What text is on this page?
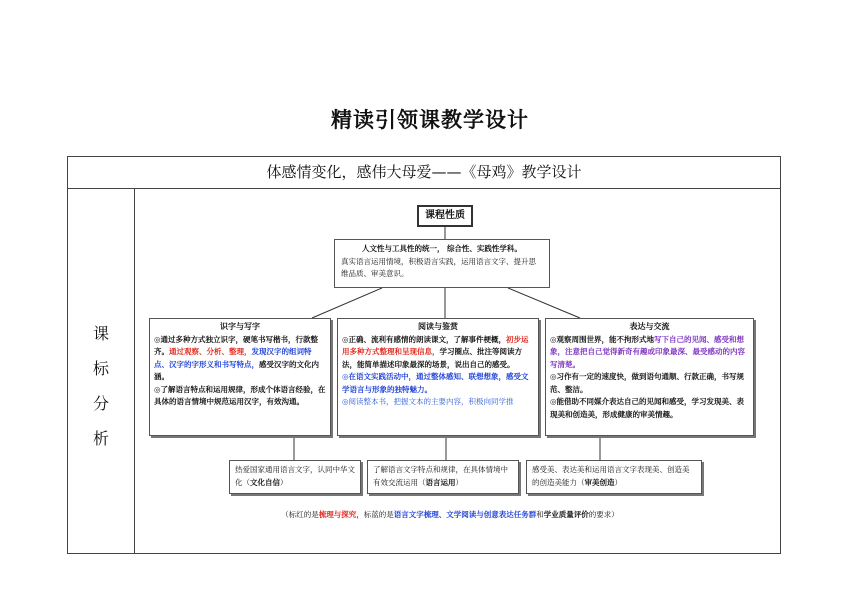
精读引领课教学设计
体感情变化，感伟大母爱——《母鸡》教学设计
课
标
分
析
课程性质
人文性与工具性的统一， 综合性、实践性学科。
真实语言运用情境，积极语言实践，运用语言文字、提升思维品质、审美意识。
识字与写字
◎通过多种方式独立识字，硬笔书写楷书，行款整齐。通过观察、分析、整理，发现汉字的组词特点、汉字的字形义和书写特点，感受汉字的文化内涵。
◎了解语言特点和运用规律，形成个体语言经验，在具体的语言情境中规范运用汉字，有效沟通。
阅读与鉴赏
◎正确、流利有感情的朗读课文，了解事件梗概，初步运用多种方式整理和呈现信息，学习圈点、批注等阅读方法，能简单描述印象最深的场景，说出自己的感受。
◎在语文实践活动中，通过整体感知、联想想象，感受文学语言与形象的独特魅力。
◎阅读整本书，把握文本的主要内容，积极向同学推
表达与交流
◎观察周围世界，能不拘形式地写下自己的见闻、感受和想象，注意把自己觉得新奇有趣或印象最深、最受感动的内容写清楚。
◎习作有一定的速度快，做到语句通顺、行款正确，书写规范、整洁。
◎能借助不同媒介表达自己的见闻和感受，学习发现美、表现美和创造美，形成健康的审美情趣。
热爱国家通用语言文字，认同中华文化（文化自信）
了解语言文字特点和规律，在具体情境中有效交流运用（语言运用）
感受美、表达美和运用语言文字表现美、创造美的创造美能力（审美创造）
（标红的是梳理与探究，标蓝的是语言文字梳理、文学阅读与创意表达任务群和学业质量评价的要求）
